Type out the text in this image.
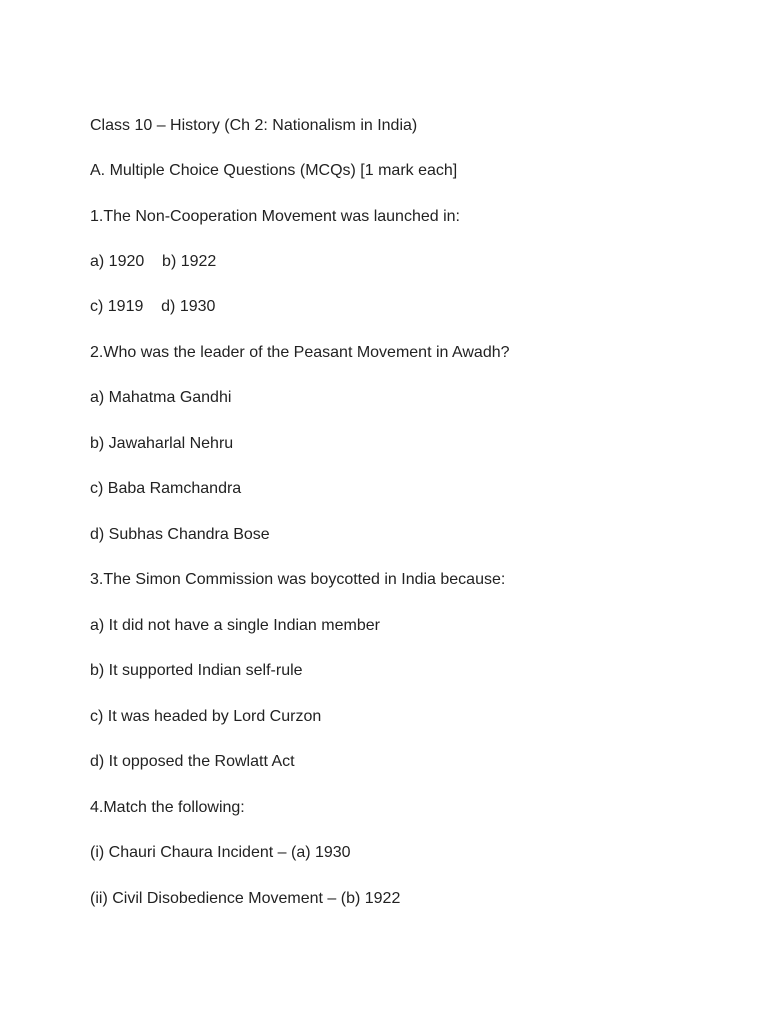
Class 10 – History (Ch 2: Nationalism in India)

A. Multiple Choice Questions (MCQs) [1 mark each]

1.The Non-Cooperation Movement was launched in:

a) 1920    b) 1922

c) 1919    d) 1930

2.Who was the leader of the Peasant Movement in Awadh?

a) Mahatma Gandhi

b) Jawaharlal Nehru

c) Baba Ramchandra

d) Subhas Chandra Bose

3.The Simon Commission was boycotted in India because:

a) It did not have a single Indian member

b) It supported Indian self-rule

c) It was headed by Lord Curzon

d) It opposed the Rowlatt Act

4.Match the following:

(i) Chauri Chaura Incident – (a) 1930

(ii) Civil Disobedience Movement – (b) 1922
